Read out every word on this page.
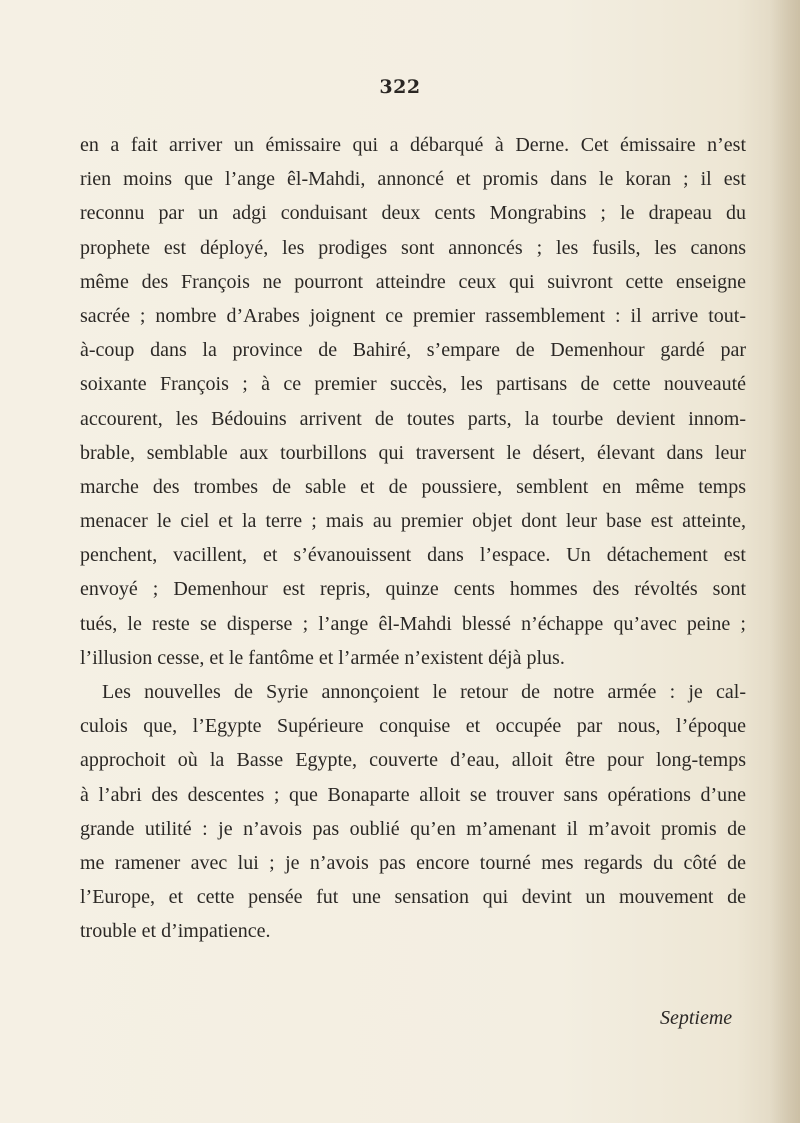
322
en a fait arriver un émissaire qui a débarqué à Derne. Cet émissaire n’est
rien moins que l’ange êl-Mahdi, annoncé et promis dans le koran ; il est
reconnu par un adgi conduisant deux cents Mongrabins ; le drapeau du
prophete est déployé, les prodiges sont annoncés ; les fusils, les canons
même des François ne pourront atteindre ceux qui suivront cette enseigne
sacrée ; nombre d’Arabes joignent ce premier rassemblement : il arrive tout-
à-coup dans la province de Bahiré, s’empare de Demenhour gardé par
soixante François ; à ce premier succès, les partisans de cette nouveauté
accourent, les Bédouins arrivent de toutes parts, la tourbe devient innom-
brable, semblable aux tourbillons qui traversent le désert, élevant dans leur
marche des trombes de sable et de poussiere, semblent en même temps
menacer le ciel et la terre ; mais au premier objet dont leur base est atteinte,
penchent, vacillent, et s’évanouissent dans l’espace. Un détachement est
envoyé ; Demenhour est repris, quinze cents hommes des révoltés sont
tués, le reste se disperse ; l’ange êl-Mahdi blessé n’échappe qu’avec peine ;
l’illusion cesse, et le fantôme et l’armée n’existent déjà plus.
Les nouvelles de Syrie annonçoient le retour de notre armée : je cal-
culois que, l’Egypte Supérieure conquise et occupée par nous, l’époque
approchoit où la Basse Egypte, couverte d’eau, alloit être pour long-temps
à l’abri des descentes ; que Bonaparte alloit se trouver sans opérations d’une
grande utilité : je n’avois pas oublié qu’en m’amenant il m’avoit promis de
me ramener avec lui ; je n’avois pas encore tourné mes regards du côté de
l’Europe, et cette pensée fut une sensation qui devint un mouvement de
trouble et d’impatience.
Septieme
